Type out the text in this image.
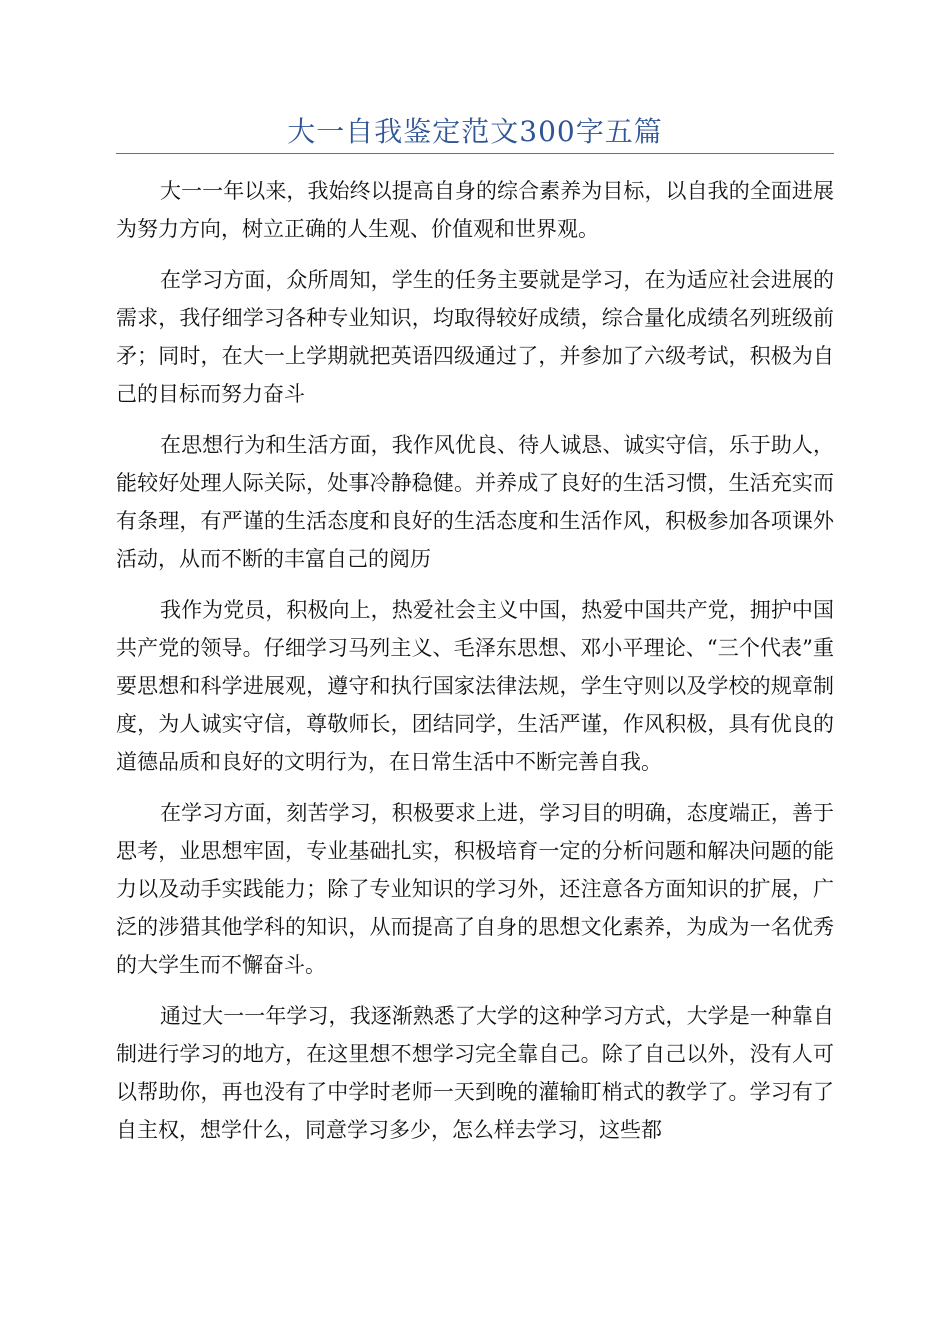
大一自我鉴定范文300字五篇

大一一年以来，我始终以提高自身的综合素养为目标，以自我的全面进展为努力方向，树立正确的人生观、价值观和世界观。

在学习方面，众所周知，学生的任务主要就是学习，在为适应社会进展的需求，我仔细学习各种专业知识，均取得较好成绩，综合量化成绩名列班级前矛；同时，在大一上学期就把英语四级通过了，并参加了六级考试，积极为自己的目标而努力奋斗

在思想行为和生活方面，我作风优良、待人诚恳、诚实守信，乐于助人，能较好处理人际关际，处事冷静稳健。并养成了良好的生活习惯，生活充实而有条理，有严谨的生活态度和良好的生活态度和生活作风，积极参加各项课外活动，从而不断的丰富自己的阅历

我作为党员，积极向上，热爱社会主义中国，热爱中国共产党，拥护中国共产党的领导。仔细学习马列主义、毛泽东思想、邓小平理论、“三个代表”重要思想和科学进展观，遵守和执行国家法律法规，学生守则以及学校的规章制度，为人诚实守信，尊敬师长，团结同学，生活严谨，作风积极，具有优良的道德品质和良好的文明行为，在日常生活中不断完善自我。

在学习方面，刻苦学习，积极要求上进，学习目的明确，态度端正，善于思考，业思想牢固，专业基础扎实，积极培育一定的分析问题和解决问题的能力以及动手实践能力；除了专业知识的学习外，还注意各方面知识的扩展，广泛的涉猎其他学科的知识，从而提高了自身的思想文化素养，为成为一名优秀的大学生而不懈奋斗。

通过大一一年学习，我逐渐熟悉了大学的这种学习方式，大学是一种靠自制进行学习的地方，在这里想不想学习完全靠自己。除了自己以外，没有人可以帮助你，再也没有了中学时老师一天到晚的灌输盯梢式的教学了。学习有了自主权，想学什么，同意学习多少，怎么样去学习，这些都
